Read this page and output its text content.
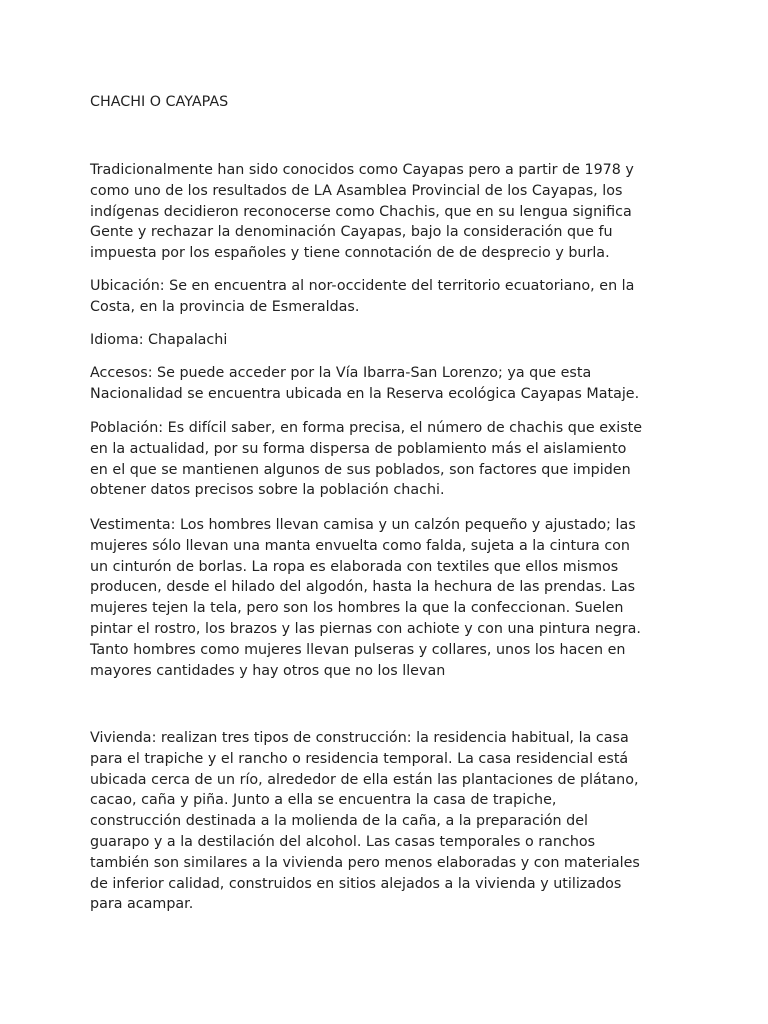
CHACHI O CAYAPAS
Tradicionalmente han sido conocidos como Cayapas pero a partir de 1978 y
como uno de los resultados de LA Asamblea Provincial de los Cayapas, los
indígenas decidieron reconocerse como Chachis, que en su lengua significa
Gente y rechazar la denominación Cayapas, bajo la consideración que fu
impuesta por los españoles y tiene connotación de de desprecio y burla.
Ubicación: Se en encuentra al nor-occidente del territorio ecuatoriano, en la
Costa, en la provincia de Esmeraldas.
Idioma: Chapalachi
Accesos: Se puede acceder por la Vía Ibarra-San Lorenzo; ya que esta
Nacionalidad se encuentra ubicada en la Reserva ecológica Cayapas Mataje.
Población: Es difícil saber, en forma precisa, el número de chachis que existe
en la actualidad, por su forma dispersa de poblamiento más el aislamiento
en el que se mantienen algunos de sus poblados, son factores que impiden
obtener datos precisos sobre la población chachi.
Vestimenta: Los hombres llevan camisa y un calzón pequeño y ajustado; las
mujeres sólo llevan una manta envuelta como falda, sujeta a la cintura con
un cinturón de borlas. La ropa es elaborada con textiles que ellos mismos
producen, desde el hilado del algodón, hasta la hechura de las prendas. Las
mujeres tejen la tela, pero son los hombres la que la confeccionan. Suelen
pintar el rostro, los brazos y las piernas con achiote y con una pintura negra.
Tanto hombres como mujeres llevan pulseras y collares, unos los hacen en
mayores cantidades y hay otros que no los llevan
Vivienda: realizan tres tipos de construcción: la residencia habitual, la casa
para el trapiche y el rancho o residencia temporal. La casa residencial está
ubicada cerca de un río, alrededor de ella están las plantaciones de plátano,
cacao, caña y piña. Junto a ella se encuentra la casa de trapiche,
construcción destinada a la molienda de la caña, a la preparación del
guarapo y a la destilación del alcohol. Las casas temporales o ranchos
también son similares a la vivienda pero menos elaboradas y con materiales
de inferior calidad, construidos en sitios alejados a la vivienda y utilizados
para acampar.
